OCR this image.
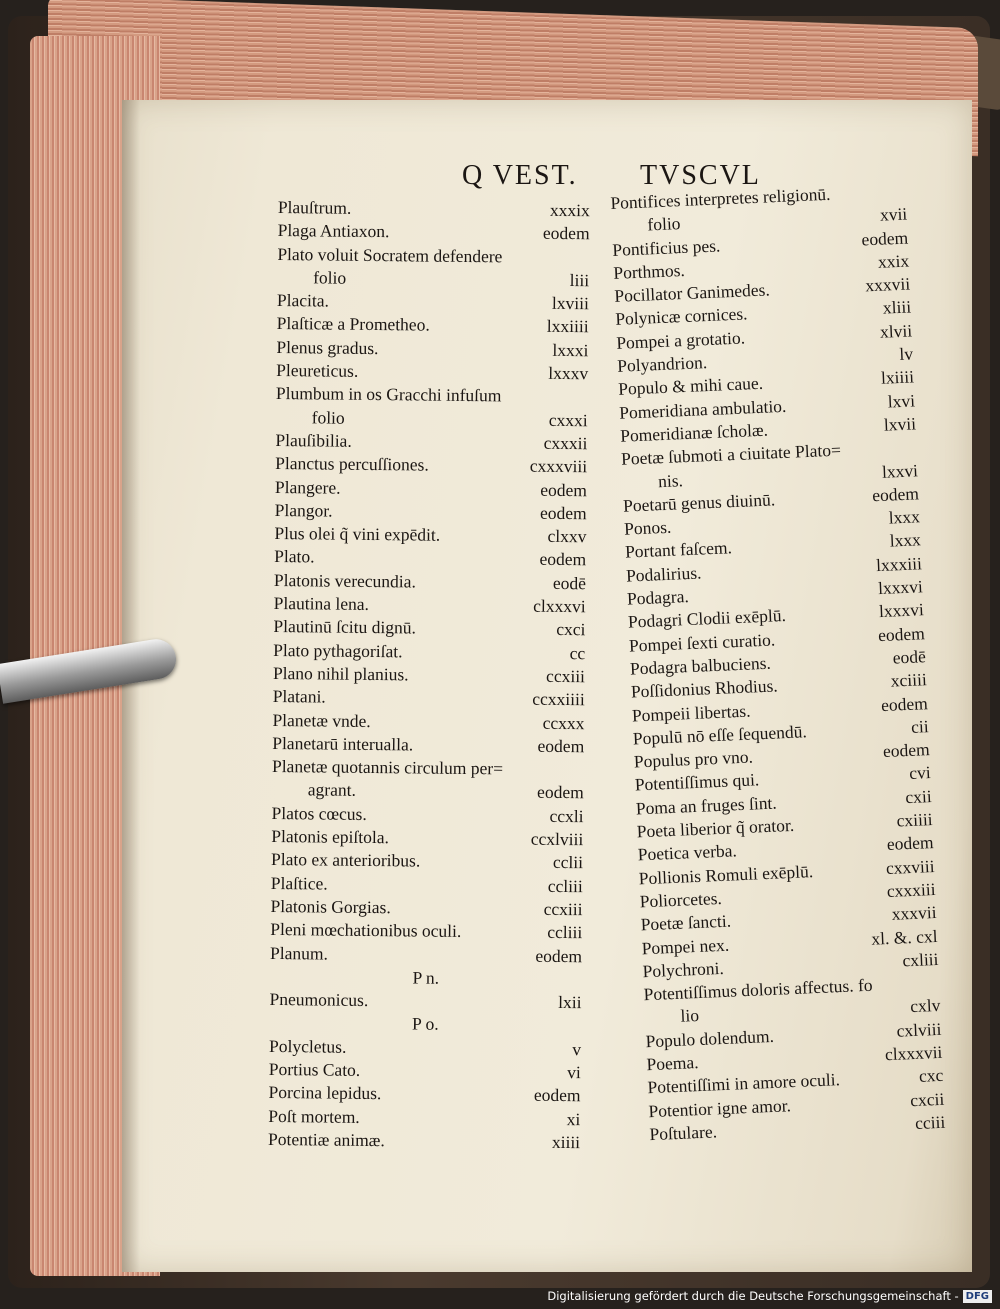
Q VEST. TVSCVL
Plauſtrum.	xxxix
Plaga Antiaxon.	eodem
Plato voluit Socratem defendere
folio	liii
Placita.	lxviii
Plaſticæ a Prometheo.	lxxiiii
Plenus gradus.	lxxxi
Pleureticus.	lxxxv
Plumbum in os Gracchi infuſum
folio	cxxxi
Plauſibilia.	cxxxii
Planctus percuſſiones.	cxxxviii
Plangere.	eodem
Plangor.	eodem
Plus olei q̃ vini expēdit.	clxxv
Plato.	eodem
Platonis verecundia.	eodē
Plautina lena.	clxxxvi
Plautinū ſcitu dignū.	cxci
Plato pythagoriſat.	cc
Plano nihil planius.	ccxiii
Platani.	ccxxiiii
Planetæ vnde.	ccxxx
Planetarū interualla.	eodem
Planetæ quotannis circulum per=
agrant.	eodem
Platos cœcus.	ccxli
Platonis epiſtola.	ccxlviii
Plato ex anterioribus.	cclii
Plaſtice.	ccliii
Platonis Gorgias.	ccxiii
Pleni mœchationibus oculi.	ccliii
Planum.	eodem
P n.
Pneumonicus.	lxii
P o.
Polycletus.	v
Portius Cato.	vi
Porcina lepidus.	eodem
Poſt mortem.	xi
Potentiæ animæ.	xiiii
Pontifices interpretes religionū.
folio	xvii
Pontificius pes.	eodem
Porthmos.	xxix
Pocillator Ganimedes.	xxxvii
Polynicæ cornices.	xliii
Pompei a grotatio.	xlvii
Polyandrion.	lv
Populo & mihi caue.	lxiiii
Pomeridiana ambulatio.	lxvi
Pomeridianæ ſcholæ.	lxvii
Poetæ ſubmoti a ciuitate Plato=
nis.	lxxvi
Poetarū genus diuinū.	eodem
Ponos.	lxxx
Portant faſcem.	lxxx
Podalirius.	lxxxiii
Podagra.	lxxxvi
Podagri Clodii exēplū.	lxxxvi
Pompei ſexti curatio.	eodem
Podagra balbuciens.	eodē
Poſſidonius Rhodius.	xciiii
Pompeii libertas.	eodem
Populū nō eſſe ſequendū.	cii
Populus pro vno.	eodem
Potentiſſimus qui.	cvi
Poma an fruges ſint.	cxii
Poeta liberior q̃ orator.	cxiiii
Poetica verba.	eodem
Pollionis Romuli exēplū.	cxxviii
Poliorcetes.	cxxxiii
Poetæ ſancti.	xxxvii
Pompei nex.	xl. &. cxl
Polychroni.	cxliii
Potentiſſimus doloris affectus. fo
lio	cxlv
Populo dolendum.	cxlviii
Poema.	clxxxvii
Potentiſſimi in amore oculi.	cxc
Potentior igne amor.	cxcii
Poſtulare.	cciii
Digitalisierung gefördert durch die Deutsche Forschungsgemeinschaft - DFG
